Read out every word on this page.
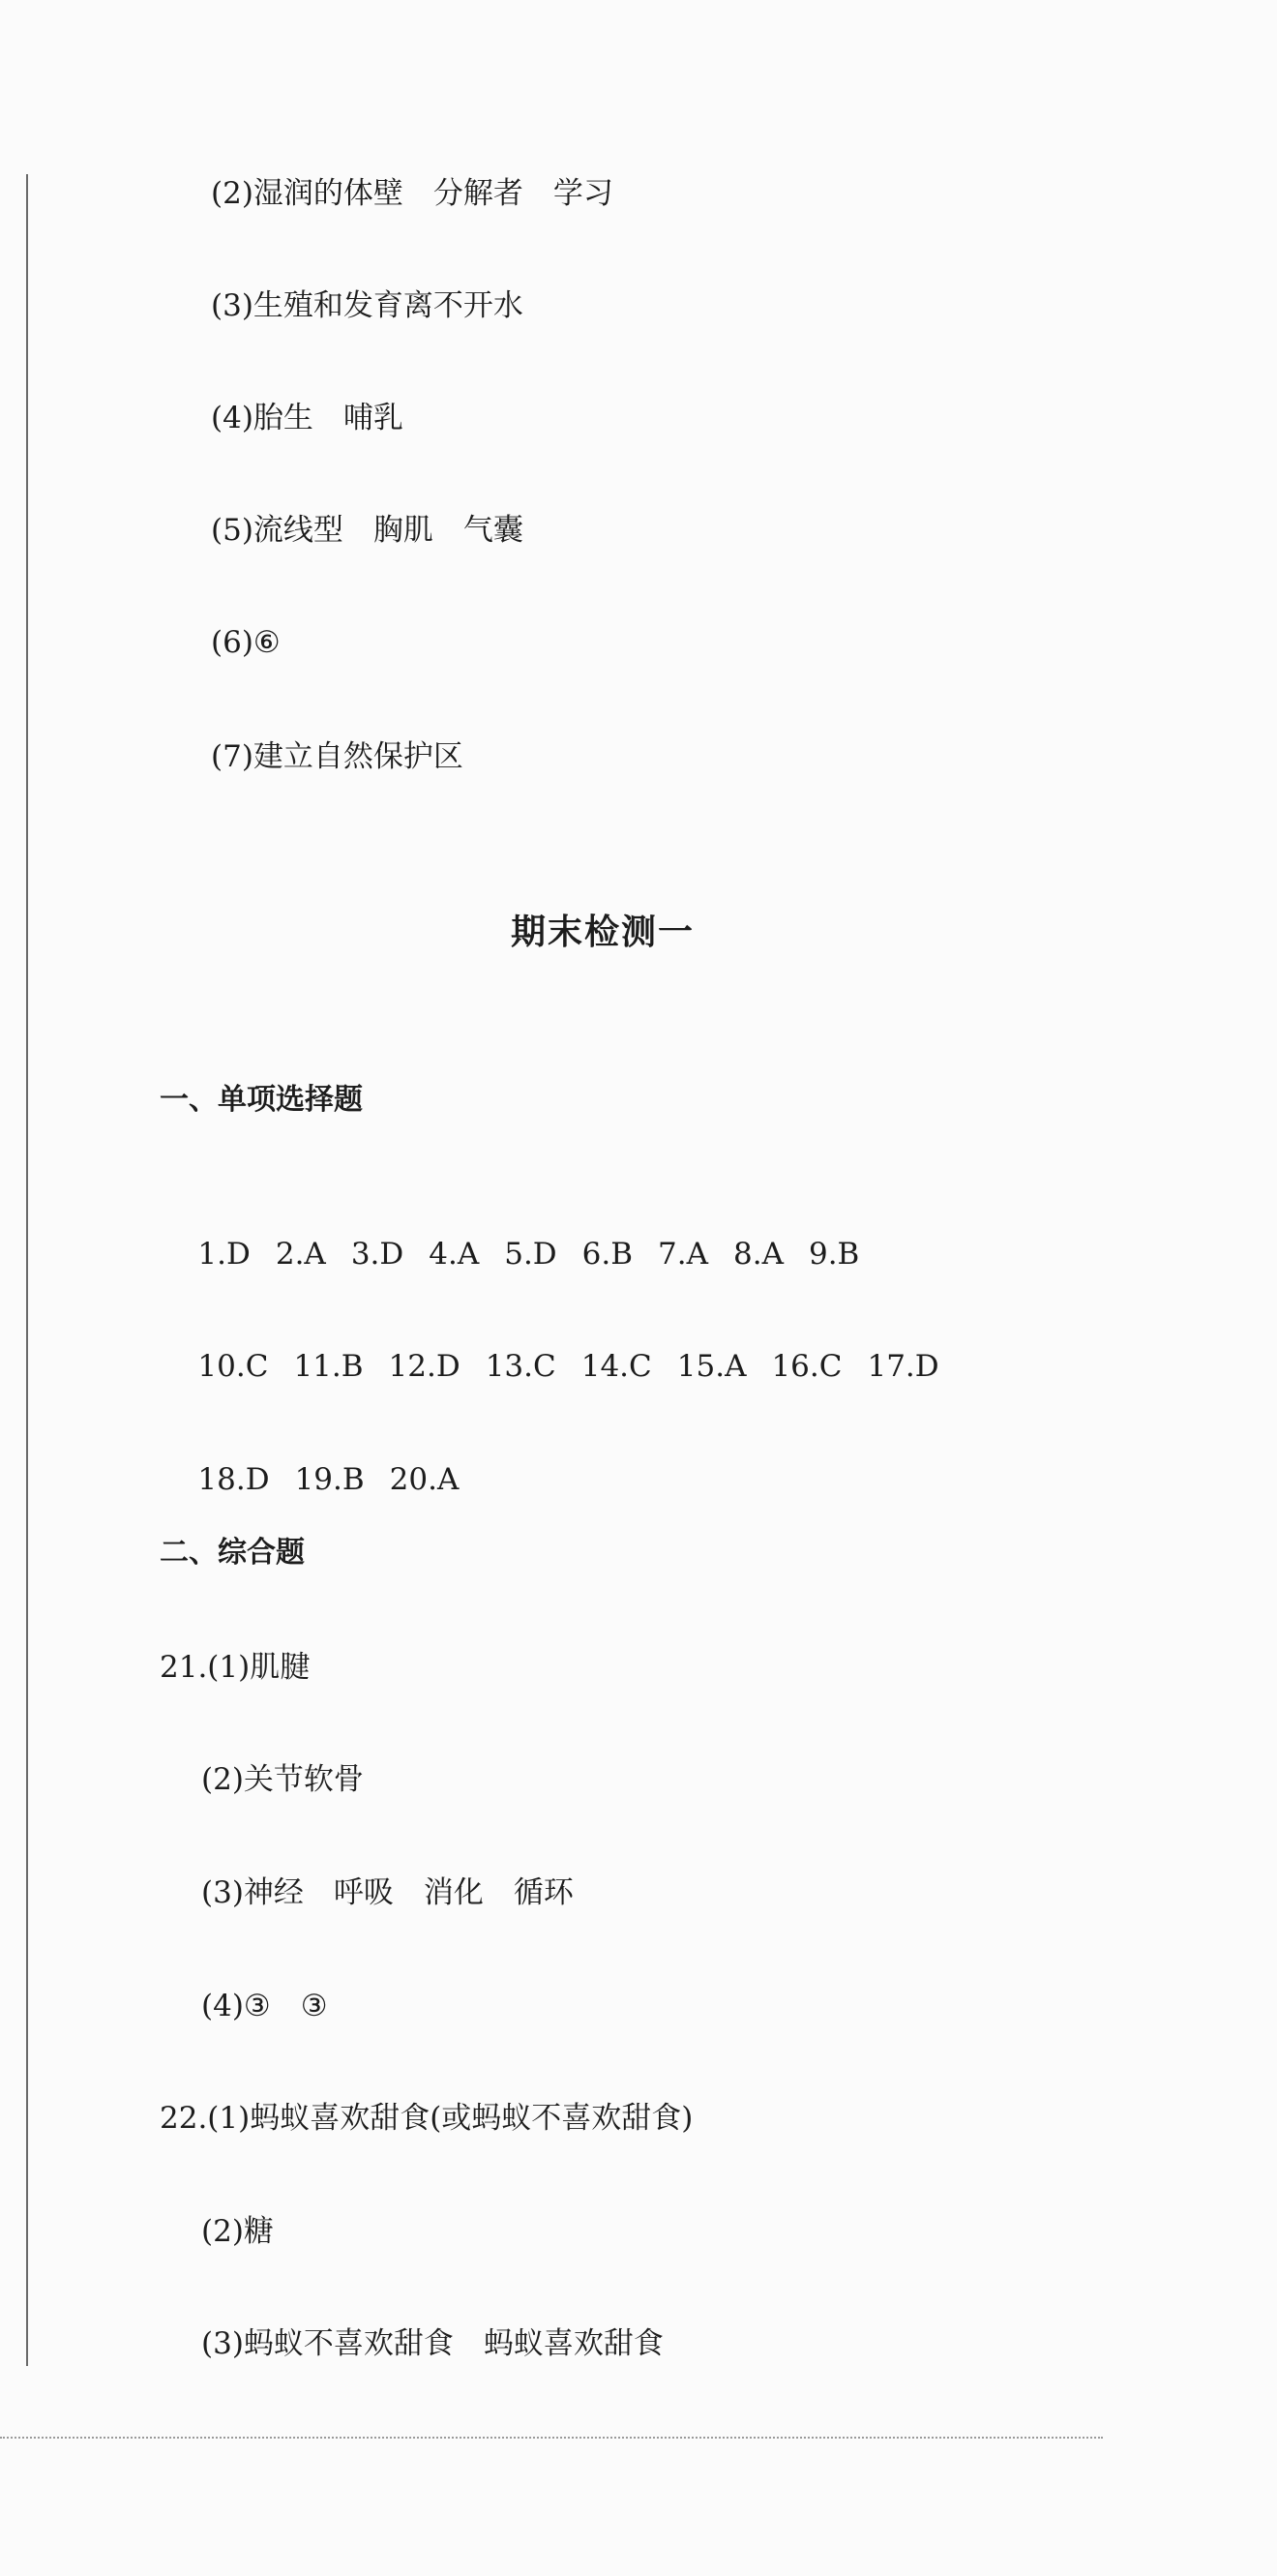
(2)湿润的体壁　分解者　学习
(3)生殖和发育离不开水
(4)胎生　哺乳
(5)流线型　胸肌　气囊
(6)⑥
(7)建立自然保护区
期末检测一
一、单项选择题

1.D 2.A 3.D 4.A 5.D 6.B 7.A 8.A 9.B

10.C 11.B 12.D 13.C 14.C 15.A 16.C 17.D

18.D 19.B 20.A

二、综合题
21.(1)肌腱
(2)关节软骨
(3)神经　呼吸　消化　循环
(4)③　③
22.(1)蚂蚁喜欢甜食(或蚂蚁不喜欢甜食)
(2)糖
(3)蚂蚁不喜欢甜食　蚂蚁喜欢甜食
